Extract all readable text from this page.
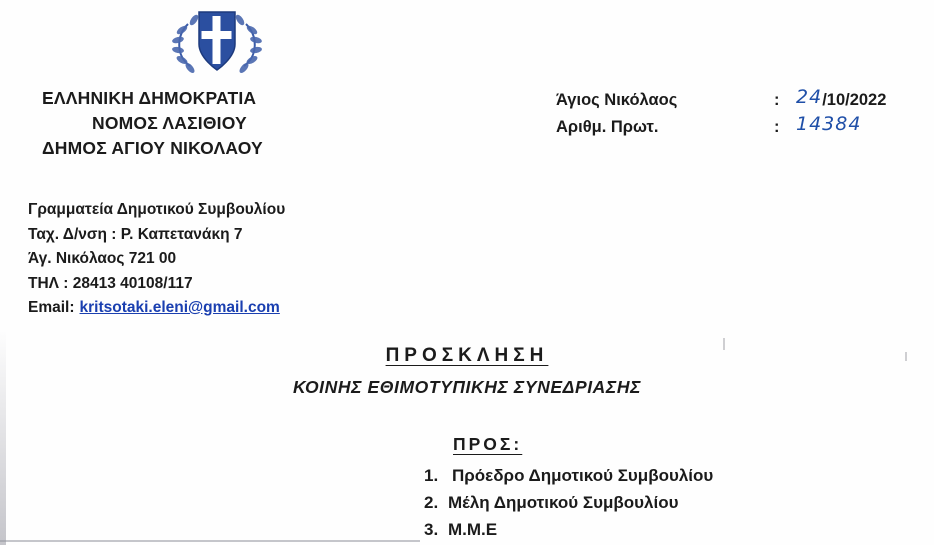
ΕΛΛΗΝΙΚΗ ΔΗΜΟΚΡΑΤΙΑ
ΝΟΜΟΣ ΛΑΣΙΘΙΟΥ
ΔΗΜΟΣ ΑΓΙΟΥ ΝΙΚΟΛΑΟΥ
Άγιος Νικόλαος	: 24/10/2022
Αριθμ. Πρωτ.	: 14384
Γραμματεία Δημοτικού Συμβουλίου
Ταχ. Δ/νση : Ρ. Καπετανάκη 7
Άγ. Νικόλαος 721 00
ΤΗΛ : 28413 40108/117
Email: kritsotaki.eleni@gmail.com
ΠΡΟΣΚΛΗΣΗ
ΚΟΙΝΗΣ ΕΘΙΜΟΤΥΠΙΚΗΣ ΣΥΝΕΔΡΙΑΣΗΣ
ΠΡΟΣ:
1. Πρόεδρο Δημοτικού Συμβουλίου
2. Μέλη Δημοτικού Συμβουλίου
3. Μ.Μ.Ε
